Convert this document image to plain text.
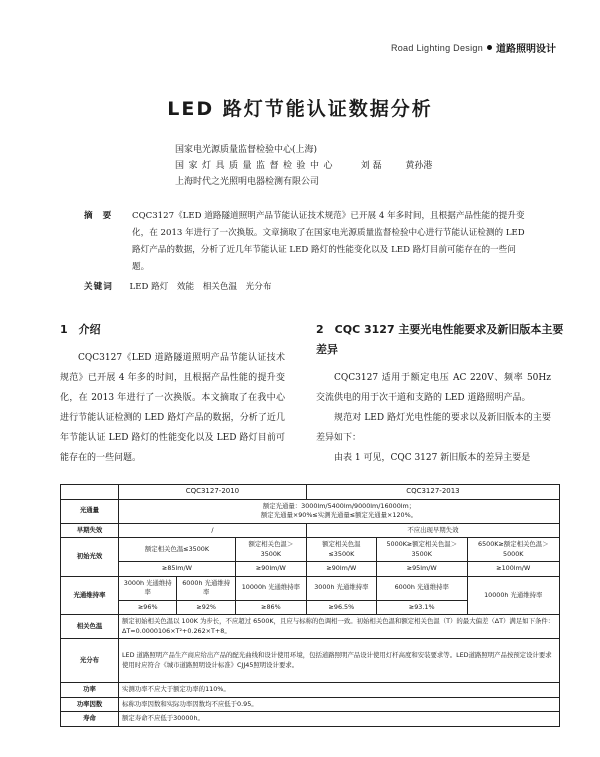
Road Lighting Design 道路照明设计
LED 路灯节能认证数据分析
国家电光源质量监督检验中心(上海)
国家灯具质量监督检验中心	刘 磊	黄孙港
上海时代之光照明电器检测有限公司
摘要 CQC3127《LED 道路隧道照明产品节能认证技术规范》已开展 4 年多时间，且根据产品性能的提升变化，在 2013 年进行了一次换版。文章摘取了在国家电光源质量监督检验中心进行节能认证检测的 LED 路灯产品的数据，分析了近几年节能认证 LED 路灯的性能变化以及 LED 路灯目前可能存在的一些问题。
关键词 LED 路灯　效能　相关色温　光分布
1　介绍

CQC3127《LED 道路隧道照明产品节能认证技术规范》已开展 4 年多的时间，且根据产品性能的提升变化，在 2013 年进行了一次换版。本文摘取了在我中心进行节能认证检测的 LED 路灯产品的数据，分析了近几年节能认证 LED 路灯的性能变化以及 LED 路灯目前可能存在的一些问题。

2　CQC 3127 主要光电性能要求及新旧版本主要差异

CQC3127 适用于额定电压 AC 220V、频率 50Hz 交流供电的用于次干道和支路的 LED 道路照明产品。

规范对 LED 路灯光电性能的要求以及新旧版本的主要差异如下：

由表 1 可见，CQC 3127 新旧版本的差异主要是

	CQC3127-2010			CQC3127-2013		
光通量	额定光通量：3000lm/5400lm/9000lm/16000lm；
额定光通量×90%≤实测光通量≤额定光通量×120%。					

早期失效	/			不应出现早期失效		
初始光效	额定相关色温≤3500K		额定相关色温＞3500K	额定相关色温≤3500K	5000K≥额定相关色温＞3500K	6500K≥额定相关色温＞5000K
	≥85lm/W		≥90lm/W	≥90lm/W	≥95lm/W	≥100lm/W
光通维持率	3000h 光通维持率	6000h 光通维持率	10000h 光通维持率	3000h 光通维持率	6000h 光通维持率	10000h 光通维持率
	≥96%	≥92%	≥86%	≥96.5%	≥93.1%	
相关色温	额定初始相关色温以 100K 为步长，不应超过 6500K，且应与标称的色调相一致。初始相关色温和额定相关色温（T）的最大偏差（ΔT）满足如下条件：ΔT=0.0000106×T²+0.262×T+8。					
光分布	LED 道路照明产品生产商应给出产品的配光曲线和设计使用环境，包括道路照明产品设计使用灯杆高度和安装要求等。LED道路照明产品按预定设计要求使用时应符合《城市道路照明设计标准》CJJ45照明设计要求。					
功率	实测功率不应大于额定功率的110%。					
功率因数	标称功率因数和实际功率因数均不应低于0.95。					
寿命	额定寿命不应低于30000h。					
